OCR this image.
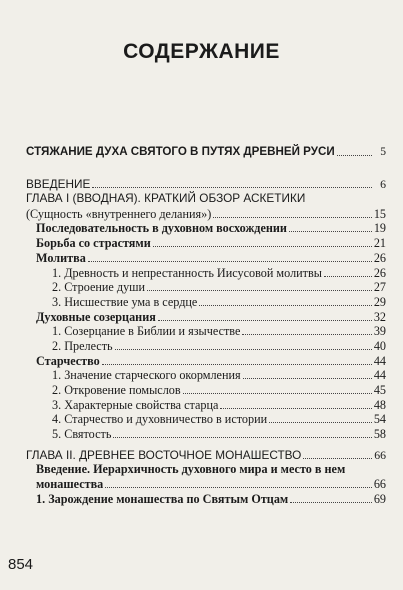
СОДЕРЖАНИЕ
СТЯЖАНИЕ ДУХА СВЯТОГО В ПУТЯХ ДРЕВНЕЙ РУСИ	5
ВВЕДЕНИЕ	6
ГЛАВА I (ВВОДНАЯ). КРАТКИЙ ОБЗОР АСКЕТИКИ
(Сущность «внутреннего делания»)	15
Последовательность в духовном восхождении	19
Борьба со страстями	21
Молитва	26
1. Древность и непрестанность Иисусовой молитвы	26
2. Строение души	27
3. Нисшествие ума в сердце	29
Духовные созерцания	32
1. Созерцание в Библии и язычестве	39
2. Прелесть	40
Старчество	44
1. Значение старческого окормления	44
2. Откровение помыслов	45
3. Характерные свойства старца	48
4. Старчество и духовничество в истории	54
5. Святость	58
ГЛАВА II. ДРЕВНЕЕ ВОСТОЧНОЕ МОНАШЕСТВО	66
Введение. Иерархичность духовного мира и место в нем
монашества	66
1. Зарождение монашества по Святым Отцам	69
854
